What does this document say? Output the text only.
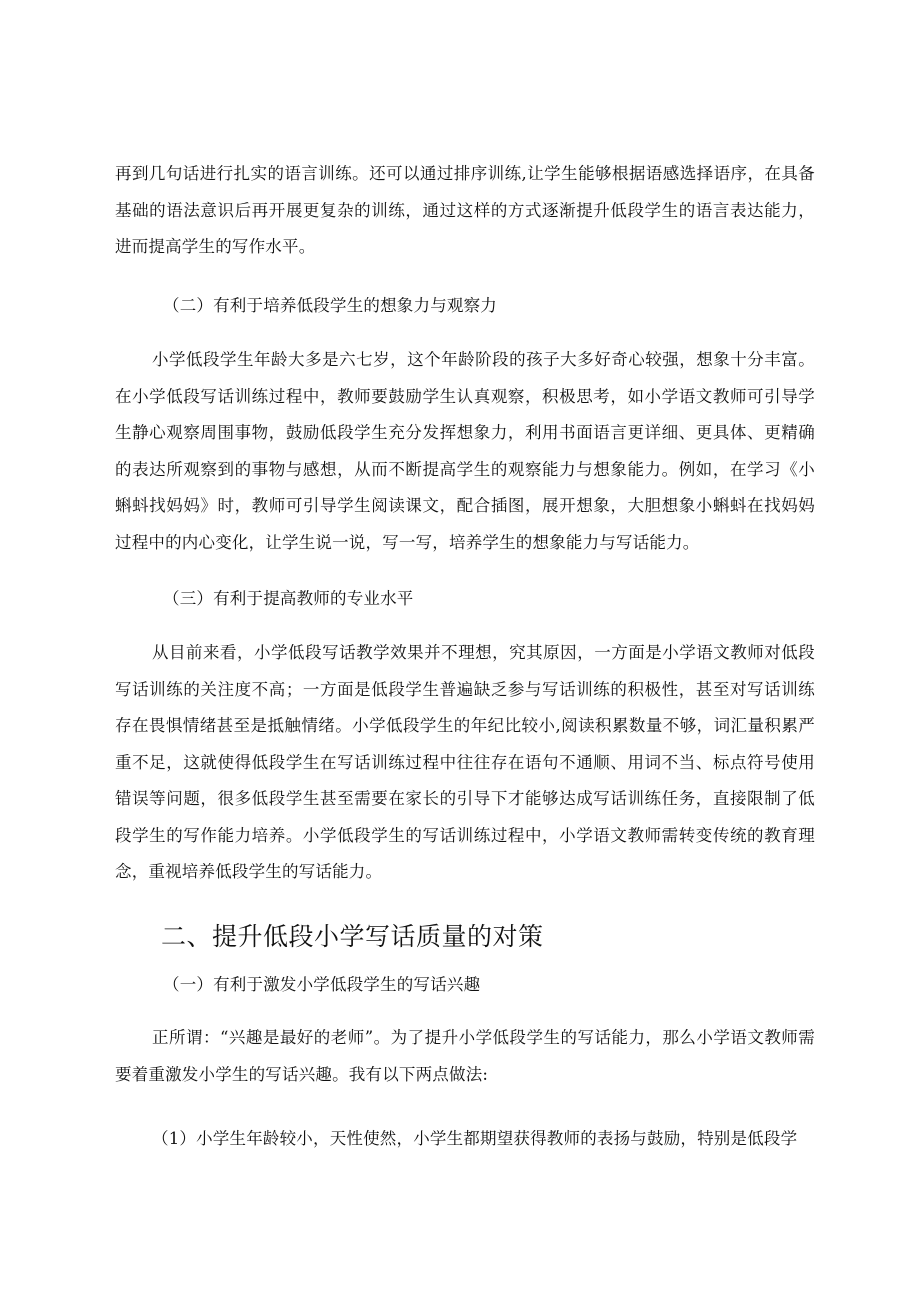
再到几句话进行扎实的语言训练。还可以通过排序训练,让学生能够根据语感选择语序，在具备基础的语法意识后再开展更复杂的训练，通过这样的方式逐渐提升低段学生的语言表达能力，进而提高学生的写作水平。

（二）有利于培养低段学生的想象力与观察力

小学低段学生年龄大多是六七岁，这个年龄阶段的孩子大多好奇心较强，想象十分丰富。在小学低段写话训练过程中，教师要鼓励学生认真观察，积极思考，如小学语文教师可引导学生静心观察周围事物，鼓励低段学生充分发挥想象力，利用书面语言更详细、更具体、更精确的表达所观察到的事物与感想，从而不断提高学生的观察能力与想象能力。例如，在学习《小蝌蚪找妈妈》时，教师可引导学生阅读课文，配合插图，展开想象，大胆想象小蝌蚪在找妈妈过程中的内心变化，让学生说一说，写一写，培养学生的想象能力与写话能力。

（三）有利于提高教师的专业水平

从目前来看，小学低段写话教学效果并不理想，究其原因，一方面是小学语文教师对低段写话训练的关注度不高；一方面是低段学生普遍缺乏参与写话训练的积极性，甚至对写话训练存在畏惧情绪甚至是抵触情绪。小学低段学生的年纪比较小,阅读积累数量不够，词汇量积累严重不足，这就使得低段学生在写话训练过程中往往存在语句不通顺、用词不当、标点符号使用错误等问题，很多低段学生甚至需要在家长的引导下才能够达成写话训练任务，直接限制了低段学生的写作能力培养。小学低段学生的写话训练过程中，小学语文教师需转变传统的教育理念，重视培养低段学生的写话能力。

二、提升低段小学写话质量的对策

（一）有利于激发小学低段学生的写话兴趣

正所谓：“兴趣是最好的老师”。为了提升小学低段学生的写话能力，那么小学语文教师需要着重激发小学生的写话兴趣。我有以下两点做法:

（1）小学生年龄较小，天性使然，小学生都期望获得教师的表扬与鼓励，特别是低段学
